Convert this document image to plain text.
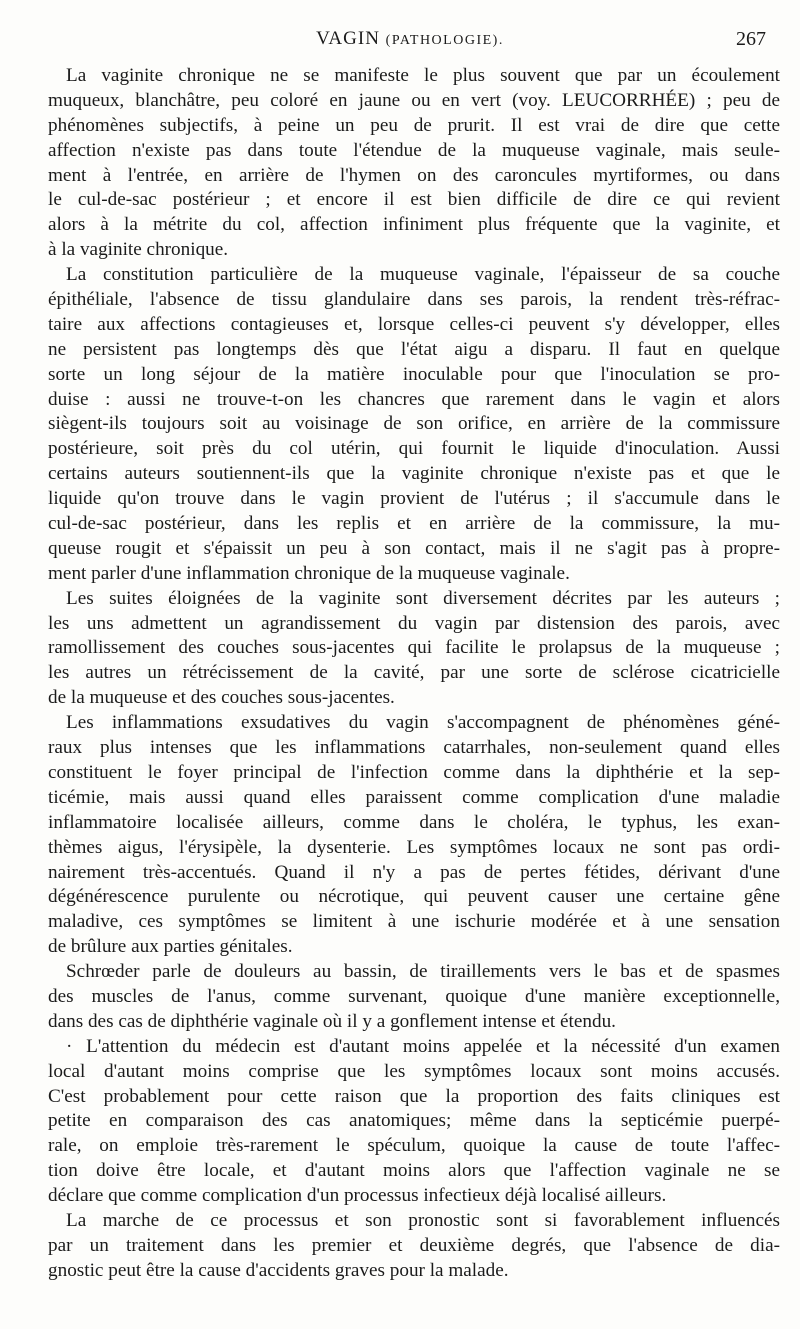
VAGIN (PATHOLOGIE).	267

La vaginite chronique ne se manifeste le plus souvent que par un écoulement
muqueux, blanchâtre, peu coloré en jaune ou en vert (voy. LEUCORRHÉE) ; peu de
phénomènes subjectifs, à peine un peu de prurit. Il est vrai de dire que cette
affection n'existe pas dans toute l'étendue de la muqueuse vaginale, mais seule-
ment à l'entrée, en arrière de l'hymen on des caroncules myrtiformes, ou dans
le cul-de-sac postérieur ; et encore il est bien difficile de dire ce qui revient
alors à la métrite du col, affection infiniment plus fréquente que la vaginite, et
à la vaginite chronique.

La constitution particulière de la muqueuse vaginale, l'épaisseur de sa couche
épithéliale, l'absence de tissu glandulaire dans ses parois, la rendent très-réfrac-
taire aux affections contagieuses et, lorsque celles-ci peuvent s'y développer, elles
ne persistent pas longtemps dès que l'état aigu a disparu. Il faut en quelque
sorte un long séjour de la matière inoculable pour que l'inoculation se pro-
duise : aussi ne trouve-t-on les chancres que rarement dans le vagin et alors
siègent-ils toujours soit au voisinage de son orifice, en arrière de la commissure
postérieure, soit près du col utérin, qui fournit le liquide d'inoculation. Aussi
certains auteurs soutiennent-ils que la vaginite chronique n'existe pas et que le
liquide qu'on trouve dans le vagin provient de l'utérus ; il s'accumule dans le
cul-de-sac postérieur, dans les replis et en arrière de la commissure, la mu-
queuse rougit et s'épaissit un peu à son contact, mais il ne s'agit pas à propre-
ment parler d'une inflammation chronique de la muqueuse vaginale.

Les suites éloignées de la vaginite sont diversement décrites par les auteurs ;
les uns admettent un agrandissement du vagin par distension des parois, avec
ramollissement des couches sous-jacentes qui facilite le prolapsus de la muqueuse ;
les autres un rétrécissement de la cavité, par une sorte de sclérose cicatricielle
de la muqueuse et des couches sous-jacentes.

Les inflammations exsudatives du vagin s'accompagnent de phénomènes géné-
raux plus intenses que les inflammations catarrhales, non-seulement quand elles
constituent le foyer principal de l'infection comme dans la diphthérie et la sep-
ticémie, mais aussi quand elles paraissent comme complication d'une maladie
inflammatoire localisée ailleurs, comme dans le choléra, le typhus, les exan-
thèmes aigus, l'érysipèle, la dysenterie. Les symptômes locaux ne sont pas ordi-
nairement très-accentués. Quand il n'y a pas de pertes fétides, dérivant d'une
dégénérescence purulente ou nécrotique, qui peuvent causer une certaine gêne
maladive, ces symptômes se limitent à une ischurie modérée et à une sensation
de brûlure aux parties génitales.

Schrœder parle de douleurs au bassin, de tiraillements vers le bas et de spasmes
des muscles de l'anus, comme survenant, quoique d'une manière exceptionnelle,
dans des cas de diphthérie vaginale où il y a gonflement intense et étendu.

· L'attention du médecin est d'autant moins appelée et la nécessité d'un examen
local d'autant moins comprise que les symptômes locaux sont moins accusés.
C'est probablement pour cette raison que la proportion des faits cliniques est
petite en comparaison des cas anatomiques; même dans la septicémie puerpé-
rale, on emploie très-rarement le spéculum, quoique la cause de toute l'affec-
tion doive être locale, et d'autant moins alors que l'affection vaginale ne se
déclare que comme complication d'un processus infectieux déjà localisé ailleurs.

La marche de ce processus et son pronostic sont si favorablement influencés
par un traitement dans les premier et deuxième degrés, que l'absence de dia-
gnostic peut être la cause d'accidents graves pour la malade.
